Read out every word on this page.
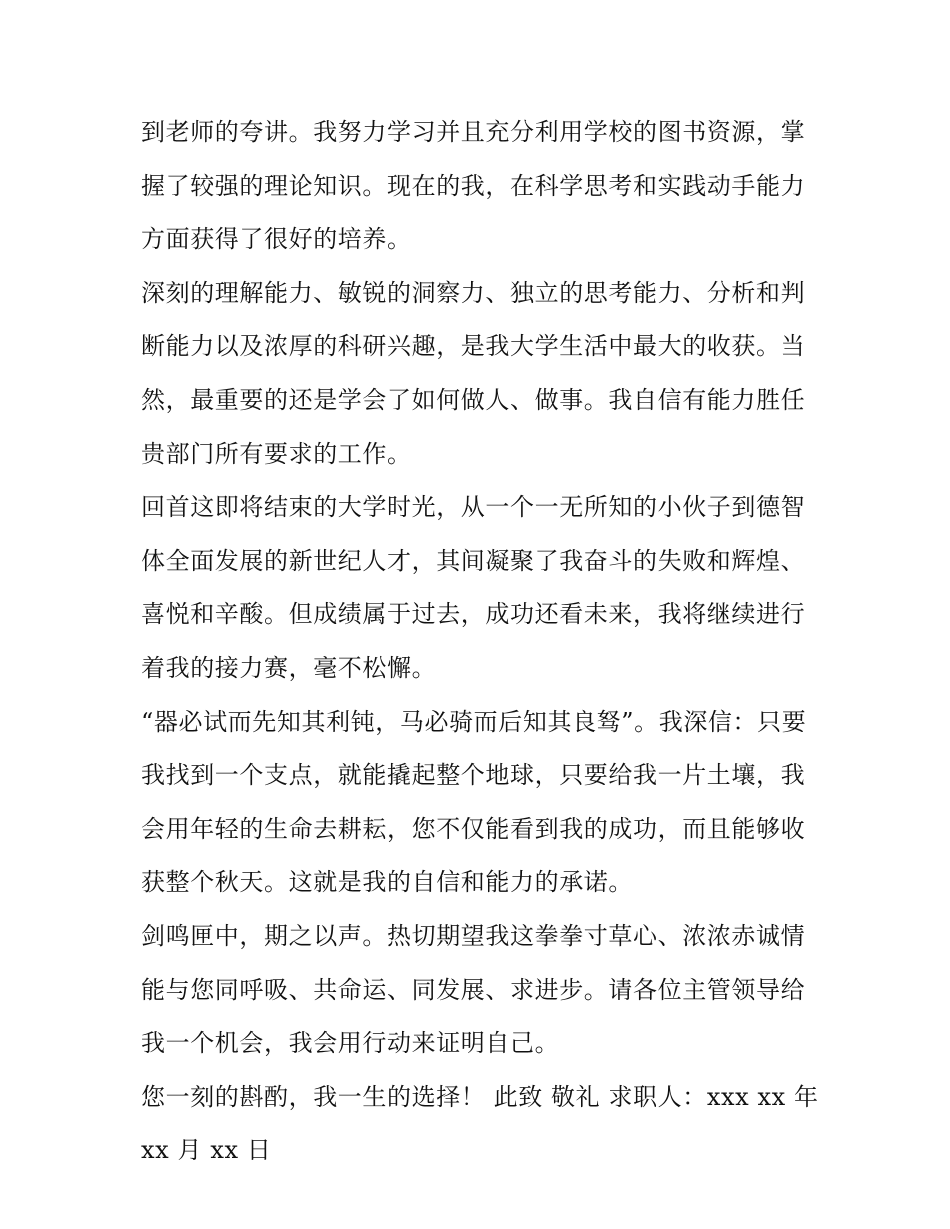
到老师的夸讲。我努力学习并且充分利用学校的图书资源，掌
握了较强的理论知识。现在的我，在科学思考和实践动手能力
方面获得了很好的培养。
深刻的理解能力、敏锐的洞察力、独立的思考能力、分析和判
断能力以及浓厚的科研兴趣，是我大学生活中最大的收获。当
然，最重要的还是学会了如何做人、做事。我自信有能力胜任
贵部门所有要求的工作。
回首这即将结束的大学时光，从一个一无所知的小伙子到德智
体全面发展的新世纪人才，其间凝聚了我奋斗的失败和辉煌、
喜悦和辛酸。但成绩属于过去，成功还看未来，我将继续进行
着我的接力赛，毫不松懈。
“器必试而先知其利钝，马必骑而后知其良驽”。我深信：只要
我找到一个支点，就能撬起整个地球，只要给我一片土壤，我
会用年轻的生命去耕耘，您不仅能看到我的成功，而且能够收
获整个秋天。这就是我的自信和能力的承诺。
剑鸣匣中，期之以声。热切期望我这拳拳寸草心、浓浓赤诚情
能与您同呼吸、共命运、同发展、求进步。请各位主管领导给
我一个机会，我会用行动来证明自己。
您一刻的斟酌，我一生的选择！ 此致 敬礼 求职人：xxx xx 年
xx 月 xx 日
